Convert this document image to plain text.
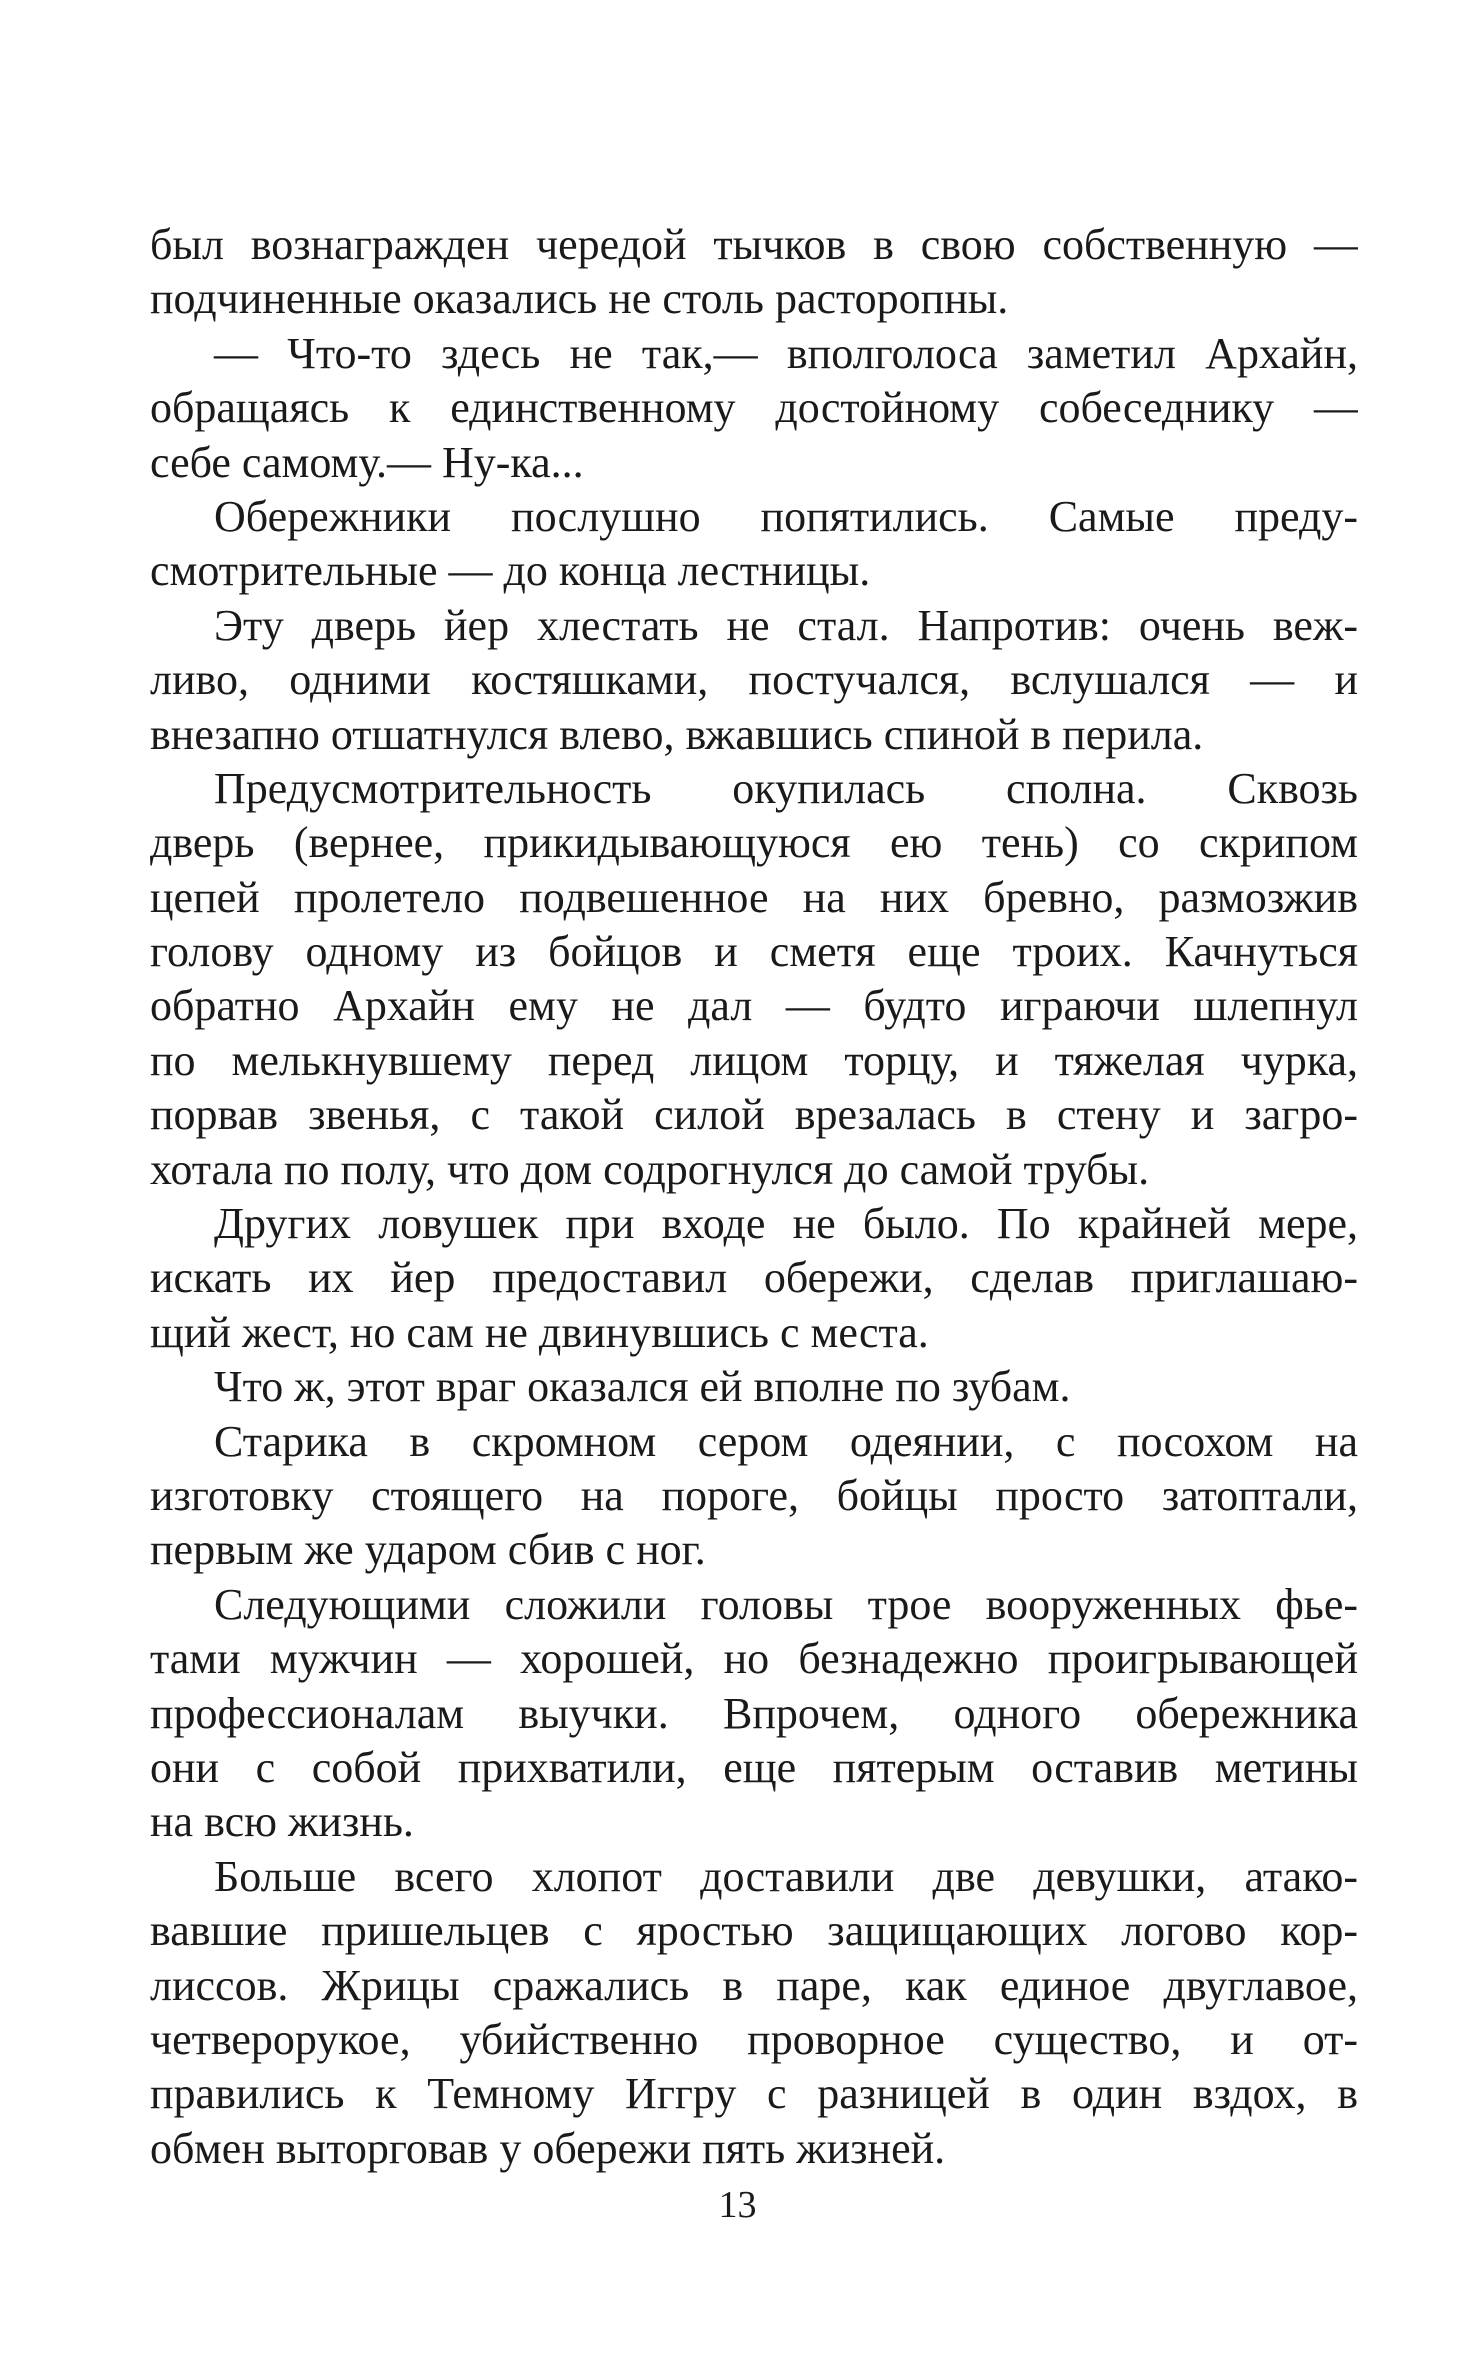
был вознагражден чередой тычков в свою собственную —
подчиненные оказались не столь расторопны.
— Что-то здесь не так,— вполголоса заметил Архайн,
обращаясь к единственному достойному собеседнику —
себе самому.— Ну-ка...
Обережники послушно попятились. Самые преду-
смотрительные — до конца лестницы.
Эту дверь йер хлестать не стал. Напротив: очень веж-
ливо, одними костяшками, постучался, вслушался — и
внезапно отшатнулся влево, вжавшись спиной в перила.
Предусмотрительность окупилась сполна. Сквозь
дверь (вернее, прикидывающуюся ею тень) со скрипом
цепей пролетело подвешенное на них бревно, размозжив
голову одному из бойцов и сметя еще троих. Качнуться
обратно Архайн ему не дал — будто играючи шлепнул
по мелькнувшему перед лицом торцу, и тяжелая чурка,
порвав звенья, с такой силой врезалась в стену и загро-
хотала по полу, что дом содрогнулся до самой трубы.
Других ловушек при входе не было. По крайней мере,
искать их йер предоставил обережи, сделав приглашаю-
щий жест, но сам не двинувшись с места.
Что ж, этот враг оказался ей вполне по зубам.
Старика в скромном сером одеянии, с посохом на
изготовку стоящего на пороге, бойцы просто затоптали,
первым же ударом сбив с ног.
Следующими сложили головы трое вооруженных фье-
тами мужчин — хорошей, но безнадежно проигрывающей
профессионалам выучки. Впрочем, одного обережника
они с собой прихватили, еще пятерым оставив метины
на всю жизнь.
Больше всего хлопот доставили две девушки, атако-
вавшие пришельцев с яростью защищающих логово кор-
лиссов. Жрицы сражались в паре, как единое двуглавое,
четверорукое, убийственно проворное существо, и от-
правились к Темному Иггру с разницей в один вздох, в
обмен выторговав у обережи пять жизней.
13
